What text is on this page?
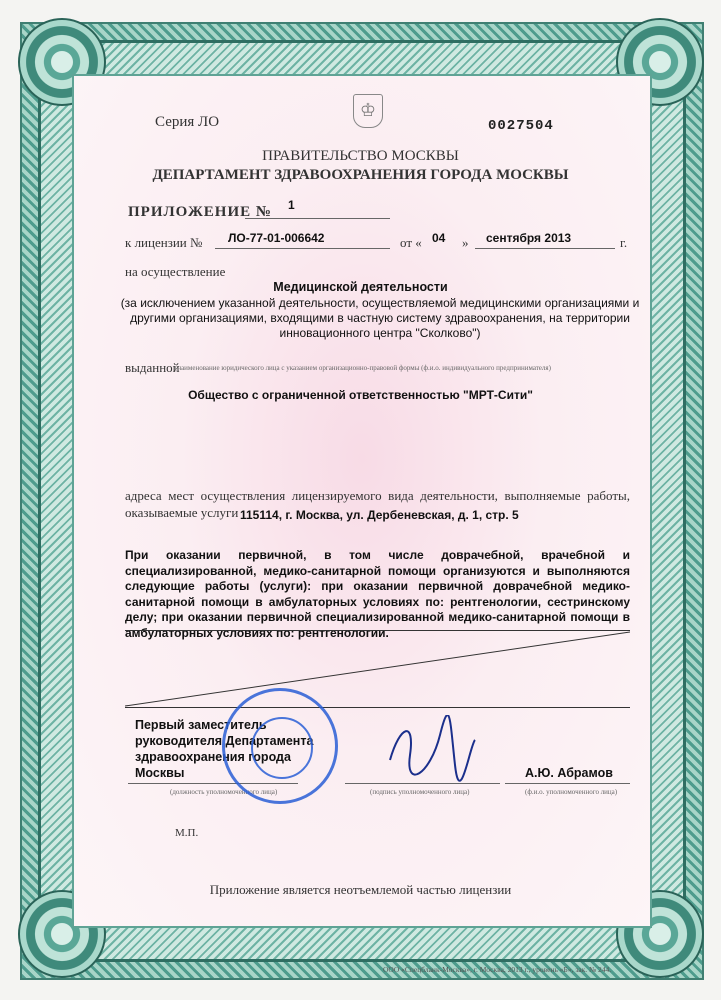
♔
Серия ЛО	0027504
ПРАВИТЕЛЬСТВО МОСКВЫ
ДЕПАРТАМЕНТ ЗДРАВООХРАНЕНИЯ ГОРОДА МОСКВЫ
ПРИЛОЖЕНИЕ № 1
к лицензии № ЛО-77-01-006642	от « 04 » сентября 2013	г.
на осуществление
Медицинской деятельности
(за исключением указанной деятельности, осуществляемой медицинскими организациями и другими организациями, входящими в частную систему здравоохранения, на территории инновационного центра "Сколково")
выданной
(наименование юридического лица с указанием организационно-правовой формы (ф.и.о. индивидуального предпринимателя)
Общество с ограниченной ответственностью "МРТ-Сити"
адреса мест осуществления лицензируемого вида деятельности, выполняемые работы, оказываемые услуги 115114, г. Москва, ул. Дербеневская, д. 1, стр. 5
При оказании первичной, в том числе доврачебной, врачебной и специализированной, медико-санитарной помощи организуются и выполняются следующие работы (услуги): при оказании первичной доврачебной медико-санитарной помощи в амбулаторных условиях по: рентгенологии, сестринскому делу; при оказании первичной специализированной медико-санитарной помощи в амбулаторных условиях по: рентгенологии.
Первый заместитель руководителя Департамента здравоохранения города Москвы	А.Ю. Абрамов
(должность уполномоченного лица)	(подпись уполномоченного лица)	(ф.и.о. уполномоченного лица)
М.П.
Приложение является неотъемлемой частью лицензии
ООО «Спецбланк-Москва», г. Москва, 2013 г., уровень «Б», зак. № 244.
